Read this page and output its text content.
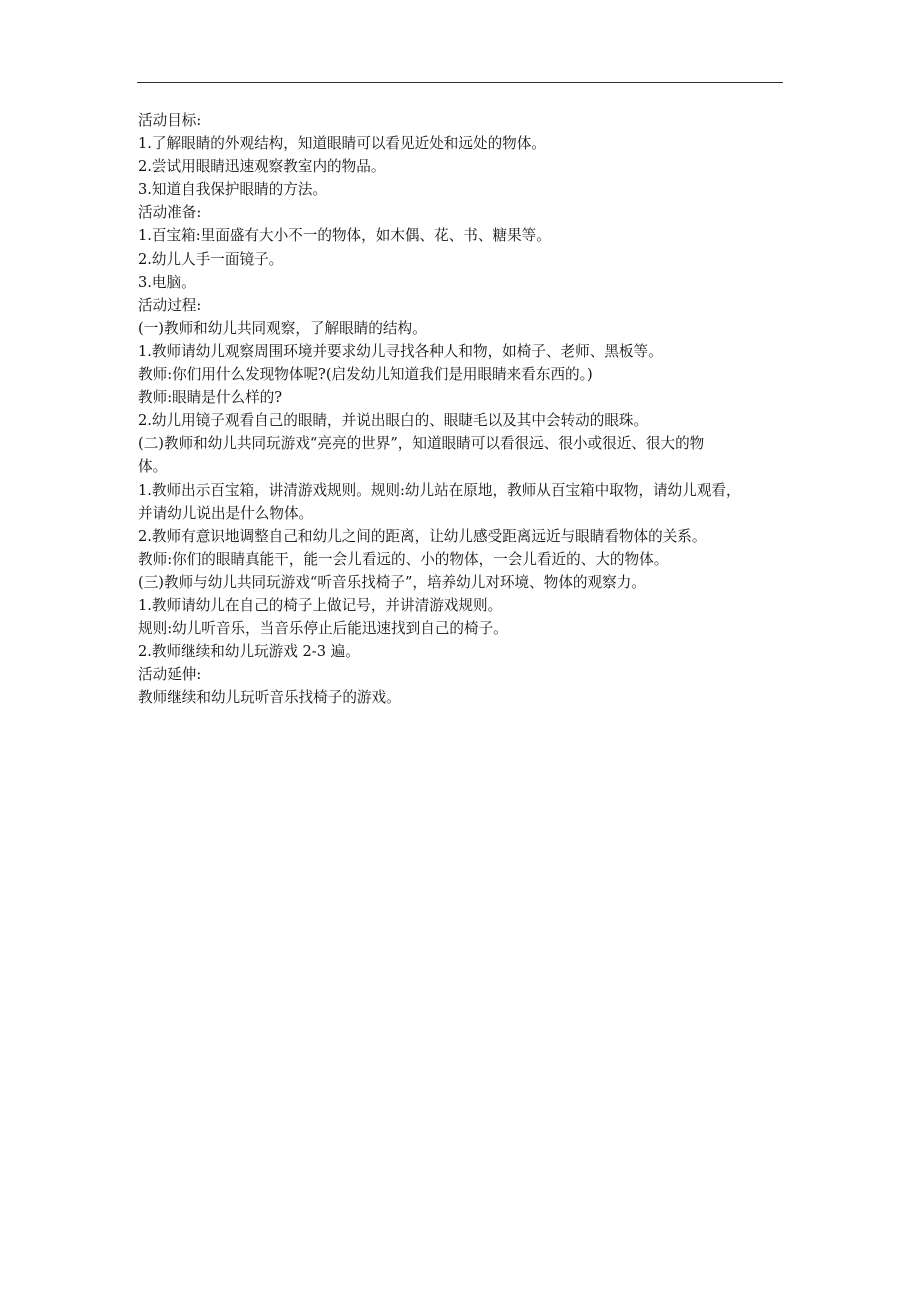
活动目标:
1.了解眼睛的外观结构，知道眼睛可以看见近处和远处的物体。
2.尝试用眼睛迅速观察教室内的物品。
3.知道自我保护眼睛的方法。
活动准备:
1.百宝箱:里面盛有大小不一的物体，如木偶、花、书、糖果等。
2.幼儿人手一面镜子。
3.电脑。
活动过程:
(一)教师和幼儿共同观察，了解眼睛的结构。
1.教师请幼儿观察周围环境并要求幼儿寻找各种人和物，如椅子、老师、黑板等。
教师:你们用什么发现物体呢?(启发幼儿知道我们是用眼睛来看东西的。)
教师:眼睛是什么样的?
2.幼儿用镜子观看自己的眼睛，并说出眼白的、眼睫毛以及其中会转动的眼珠。
(二)教师和幼儿共同玩游戏“亮亮的世界”，知道眼睛可以看很远、很小或很近、很大的物
体。
1.教师出示百宝箱，讲清游戏规则。规则:幼儿站在原地，教师从百宝箱中取物，请幼儿观看，
并请幼儿说出是什么物体。
2.教师有意识地调整自己和幼儿之间的距离，让幼儿感受距离远近与眼睛看物体的关系。
教师:你们的眼睛真能干，能一会儿看远的、小的物体，一会儿看近的、大的物体。
(三)教师与幼儿共同玩游戏“听音乐找椅子”，培养幼儿对环境、物体的观察力。
1.教师请幼儿在自己的椅子上做记号，并讲清游戏规则。
规则:幼儿听音乐，当音乐停止后能迅速找到自己的椅子。
2.教师继续和幼儿玩游戏 2-3 遍。
活动延伸:
教师继续和幼儿玩听音乐找椅子的游戏。
